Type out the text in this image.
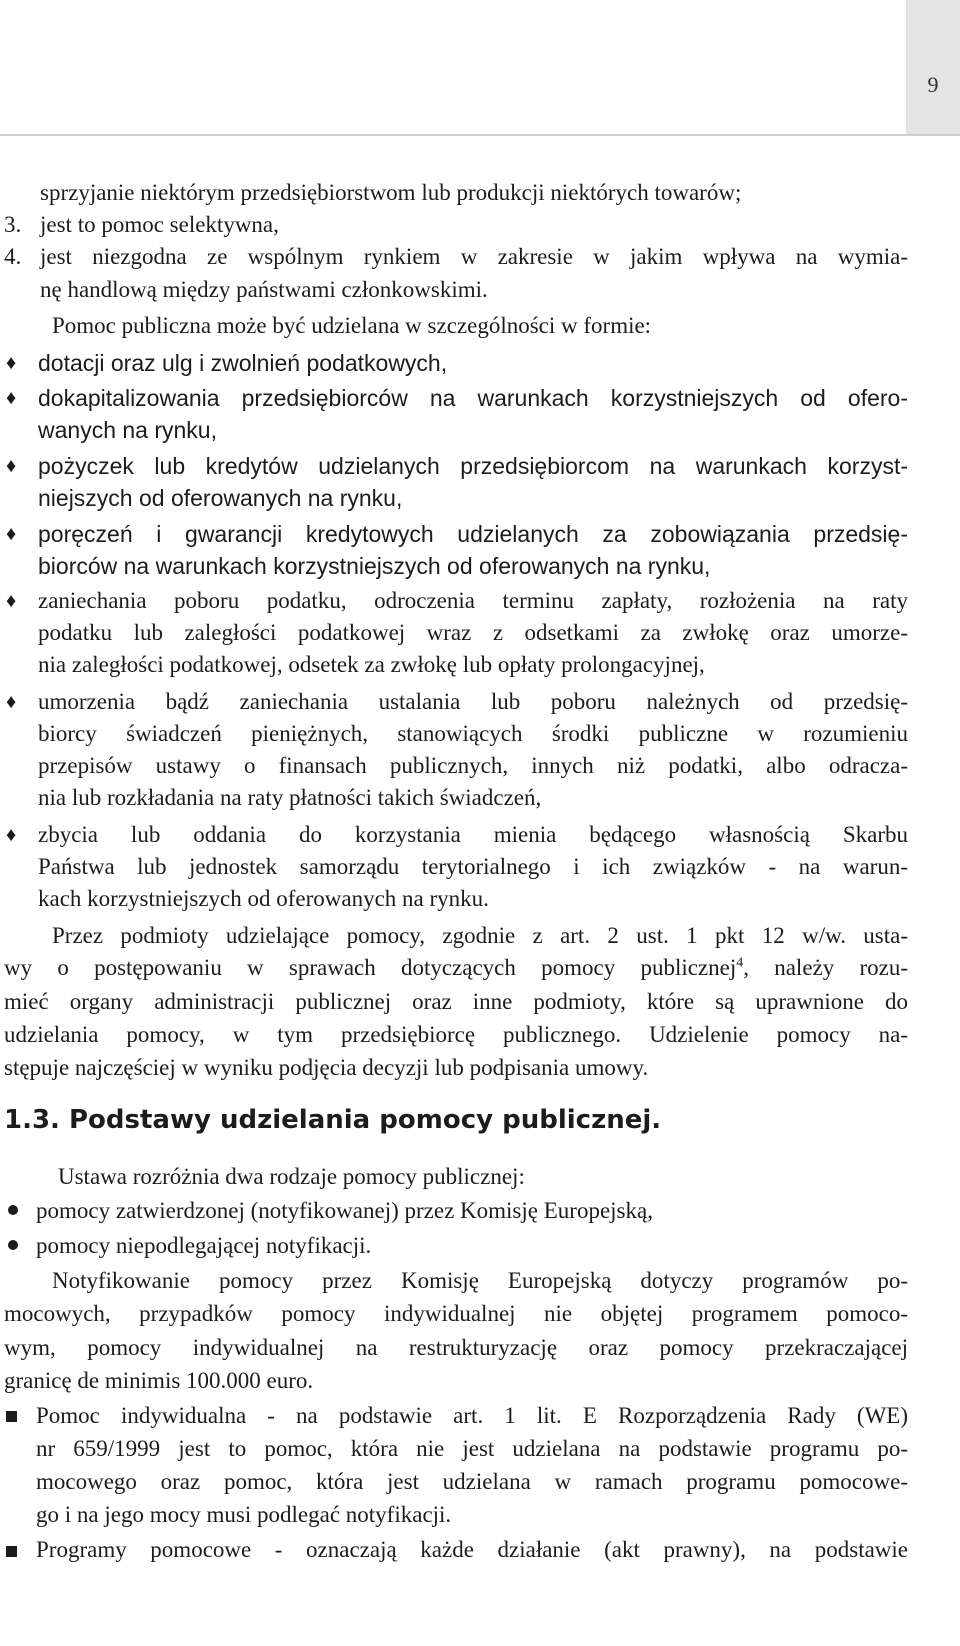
9
sprzyjanie niektórym przedsiębiorstwom lub produkcji niektórych towarów;
3. jest to pomoc selektywna,
4. jest niezgodna ze wspólnym rynkiem w zakresie w jakim wpływa na wymia-
nę handlową między państwami członkowskimi.
Pomoc publiczna może być udzielana w szczególności w formie:
♦ dotacji oraz ulg i zwolnień podatkowych,
♦ dokapitalizowania przedsiębiorców na warunkach korzystniejszych od ofero-
wanych na rynku,
♦ pożyczek lub kredytów udzielanych przedsiębiorcom na warunkach korzyst-
niejszych od oferowanych na rynku,
♦ poręczeń i gwarancji kredytowych udzielanych za zobowiązania przedsię-
biorców na warunkach korzystniejszych od oferowanych na rynku,
♦ zaniechania poboru podatku, odroczenia terminu zapłaty, rozłożenia na raty
podatku lub zaległości podatkowej wraz z odsetkami za zwłokę oraz umorze-
nia zaległości podatkowej, odsetek za zwłokę lub opłaty prolongacyjnej,
♦ umorzenia bądź zaniechania ustalania lub poboru należnych od przedsię-
biorcy świadczeń pieniężnych, stanowiących środki publiczne w rozumieniu
przepisów ustawy o finansach publicznych, innych niż podatki, albo odracza-
nia lub rozkładania na raty płatności takich świadczeń,
♦ zbycia lub oddania do korzystania mienia będącego własnością Skarbu
Państwa lub jednostek samorządu terytorialnego i ich związków - na warun-
kach korzystniejszych od oferowanych na rynku.
Przez podmioty udzielające pomocy, zgodnie z art. 2 ust. 1 pkt 12 w/w. usta-
wy o postępowaniu w sprawach dotyczących pomocy publicznej$^4$, należy rozu-
mieć organy administracji publicznej oraz inne podmioty, które są uprawnione do
udzielania pomocy, w tym przedsiębiorcę publicznego. Udzielenie pomocy na-
stępuje najczęściej w wyniku podjęcia decyzji lub podpisania umowy.
1.3. Podstawy udzielania pomocy publicznej.
Ustawa rozróżnia dwa rodzaje pomocy publicznej:
pomocy zatwierdzonej (notyfikowanej) przez Komisję Europejską,
pomocy niepodlegającej notyfikacji.
Notyfikowanie pomocy przez Komisję Europejską dotyczy programów po-
mocowych, przypadków pomocy indywidualnej nie objętej programem pomoco-
wym, pomocy indywidualnej na restrukturyzację oraz pomocy przekraczającej
granicę de minimis 100.000 euro.
Pomoc indywidualna - na podstawie art. 1 lit. E Rozporządzenia Rady (WE)
nr 659/1999 jest to pomoc, która nie jest udzielana na podstawie programu po-
mocowego oraz pomoc, która jest udzielana w ramach programu pomocowe-
go i na jego mocy musi podlegać notyfikacji.
Programy pomocowe - oznaczają każde działanie (akt prawny), na podstawie
